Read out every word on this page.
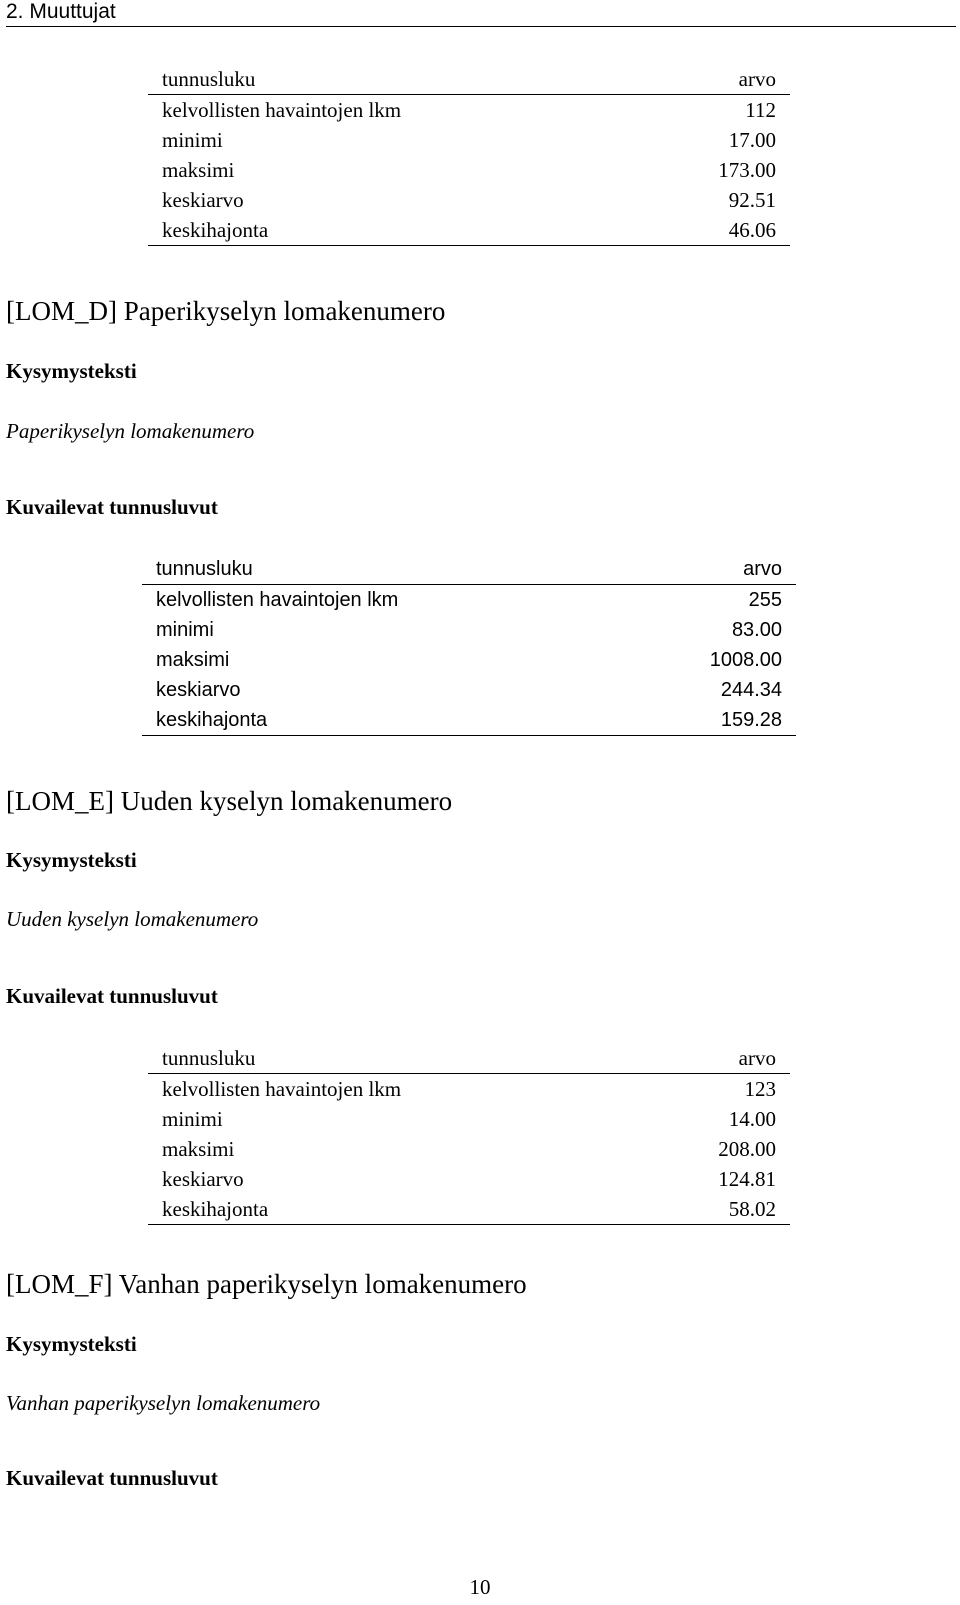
2. Muuttujat
tunnusluku	arvo
kelvollisten havaintojen lkm	112
minimi	17.00
maksimi	173.00
keskiarvo	92.51
keskihajonta	46.06
[LOM_D] Paperikyselyn lomakenumero
Kysymysteksti

Paperikyselyn lomakenumero

Kuvailevat tunnusluvut
tunnusluku	arvo
kelvollisten havaintojen lkm	255
minimi	83.00
maksimi	1008.00
keskiarvo	244.34
keskihajonta	159.28
[LOM_E] Uuden kyselyn lomakenumero
Kysymysteksti

Uuden kyselyn lomakenumero

Kuvailevat tunnusluvut
tunnusluku	arvo
kelvollisten havaintojen lkm	123
minimi	14.00
maksimi	208.00
keskiarvo	124.81
keskihajonta	58.02
[LOM_F] Vanhan paperikyselyn lomakenumero
Kysymysteksti

Vanhan paperikyselyn lomakenumero

Kuvailevat tunnusluvut
10
